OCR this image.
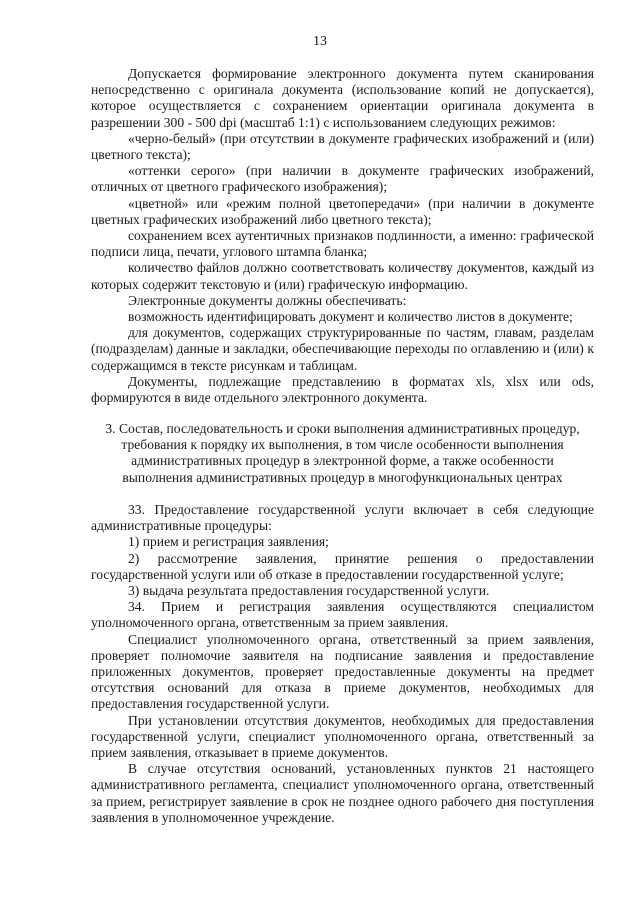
13

Допускается формирование электронного документа путем сканирования непосредственно с оригинала документа (использование копий не допускается), которое осуществляется с сохранением ориентации оригинала документа в разрешении 300 - 500 dpi (масштаб 1:1) с использованием следующих режимов:

«черно-белый» (при отсутствии в документе графических изображений и (или) цветного текста);

«оттенки серого» (при наличии в документе графических изображений, отличных от цветного графического изображения);

«цветной» или «режим полной цветопередачи» (при наличии в документе цветных графических изображений либо цветного текста);

сохранением всех аутентичных признаков подлинности, а именно: графической подписи лица, печати, углового штампа бланка;

количество файлов должно соответствовать количеству документов, каждый из которых содержит текстовую и (или) графическую информацию.

Электронные документы должны обеспечивать:

возможность идентифицировать документ и количество листов в документе;

для документов, содержащих структурированные по частям, главам, разделам (подразделам) данные и закладки, обеспечивающие переходы по оглавлению и (или) к содержащимся в тексте рисункам и таблицам.

Документы, подлежащие представлению в форматах xls, xlsx или ods, формируются в виде отдельного электронного документа.

3. Состав, последовательность и сроки выполнения административных процедур,
требования к порядку их выполнения, в том числе особенности выполнения
административных процедур в электронной форме, а также особенности
выполнения административных процедур в многофункциональных центрах

33. Предоставление государственной услуги включает в себя следующие административные процедуры:

1) прием и регистрация заявления;

2) рассмотрение заявления, принятие решения о предоставлении государственной услуги или об отказе в предоставлении государственной услуге;

3) выдача результата предоставления государственной услуги.

34. Прием и регистрация заявления осуществляются специалистом уполномоченного органа, ответственным за прием заявления.

Специалист уполномоченного органа, ответственный за прием заявления, проверяет полномочие заявителя на подписание заявления и предоставление приложенных документов, проверяет предоставленные документы на предмет отсутствия оснований для отказа в приеме документов, необходимых для предоставления государственной услуги.

При установлении отсутствия документов, необходимых для предоставления государственной услуги, специалист уполномоченного органа, ответственный за прием заявления, отказывает в приеме документов.

В случае отсутствия оснований, установленных пунктов 21 настоящего административного регламента, специалист уполномоченного органа, ответственный за прием, регистрирует заявление в срок не позднее одного рабочего дня поступления заявления в уполномоченное учреждение.
